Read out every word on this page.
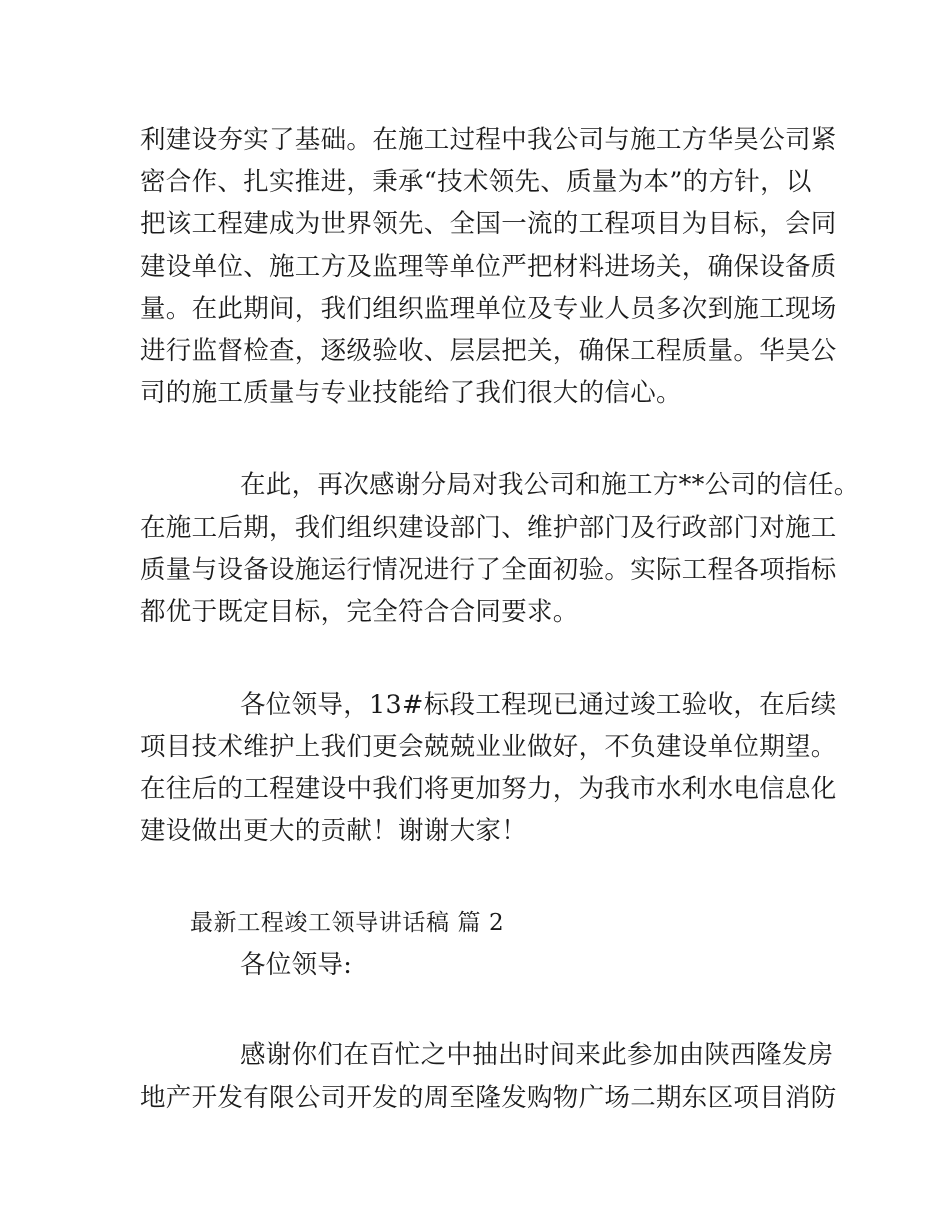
利建设夯实了基础。在施工过程中我公司与施工方华昊公司紧
密合作、扎实推进，秉承“技术领先、质量为本”的方针，以
把该工程建成为世界领先、全国一流的工程项目为目标，会同
建设单位、施工方及监理等单位严把材料进场关，确保设备质
量。在此期间，我们组织监理单位及专业人员多次到施工现场
进行监督检查，逐级验收、层层把关，确保工程质量。华昊公
司的施工质量与专业技能给了我们很大的信心。
在此，再次感谢分局对我公司和施工方**公司的信任。
在施工后期，我们组织建设部门、维护部门及行政部门对施工
质量与设备设施运行情况进行了全面初验。实际工程各项指标
都优于既定目标，完全符合合同要求。
各位领导，13#标段工程现已通过竣工验收，在后续
项目技术维护上我们更会兢兢业业做好，不负建设单位期望。
在往后的工程建设中我们将更加努力，为我市水利水电信息化
建设做出更大的贡献！谢谢大家！
最新工程竣工领导讲话稿 篇 2
各位领导:
感谢你们在百忙之中抽出时间来此参加由陕西隆发房
地产开发有限公司开发的周至隆发购物广场二期东区项目消防
